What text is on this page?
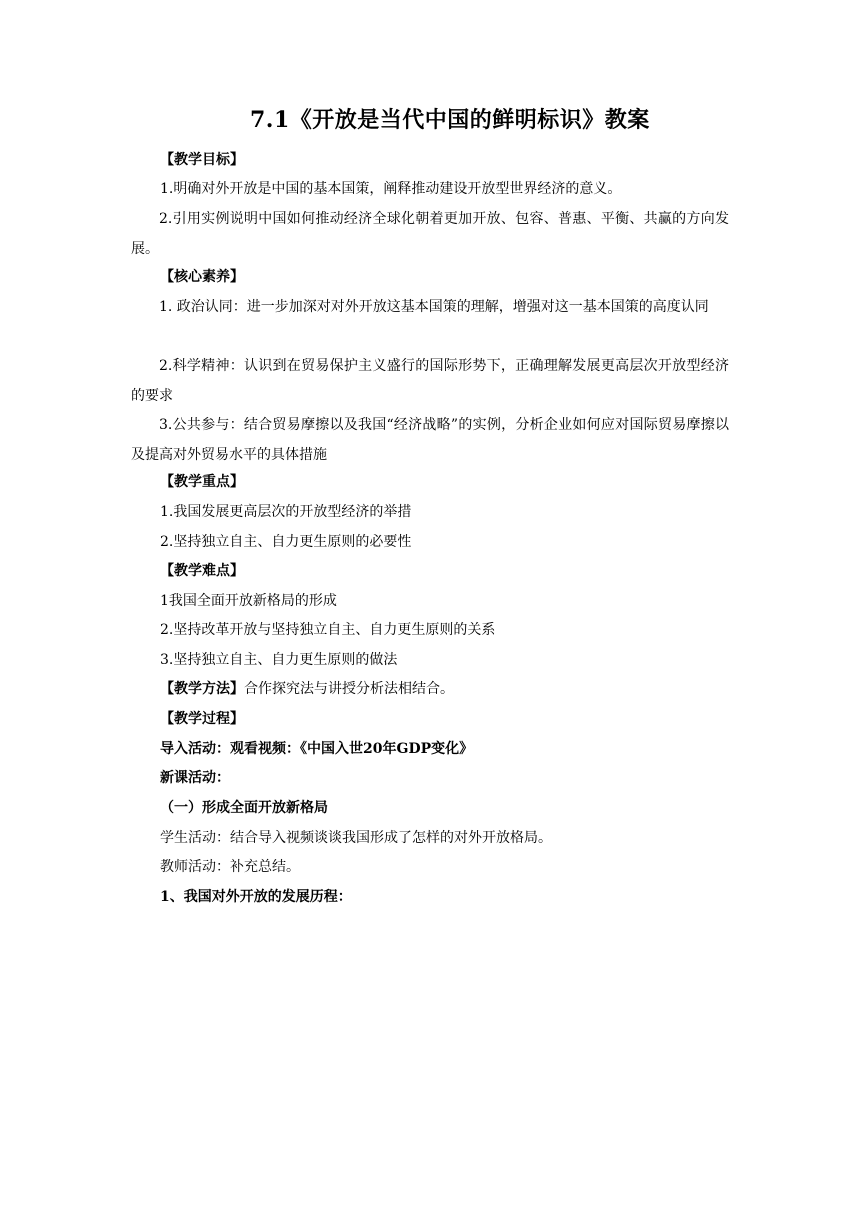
7.1《开放是当代中国的鲜明标识》教案
【教学目标】
1.明确对外开放是中国的基本国策，阐释推动建设开放型世界经济的意义。
2.引用实例说明中国如何推动经济全球化朝着更加开放、包容、普惠、平衡、共赢的方向发展。
【核心素养】
1. 政治认同：进一步加深对对外开放这基本国策的理解，增强对这一基本国策的高度认同
2.科学精神：认识到在贸易保护主义盛行的国际形势下，正确理解发展更高层次开放型经济的要求
3.公共参与：结合贸易摩擦以及我国“经济战略”的实例，分析企业如何应对国际贸易摩擦以及提高对外贸易水平的具体措施
【教学重点】
1.我国发展更高层次的开放型经济的举措
2.坚持独立自主、自力更生原则的必要性
【教学难点】
1我国全面开放新格局的形成
2.坚持改革开放与坚持独立自主、自力更生原则的关系
3.坚持独立自主、自力更生原则的做法
【教学方法】合作探究法与讲授分析法相结合。
【教学过程】
导入活动：观看视频：《中国入世20年GDP变化》
新课活动：
（一）形成全面开放新格局
学生活动：结合导入视频谈谈我国形成了怎样的对外开放格局。
教师活动：补充总结。
1、我国对外开放的发展历程：
